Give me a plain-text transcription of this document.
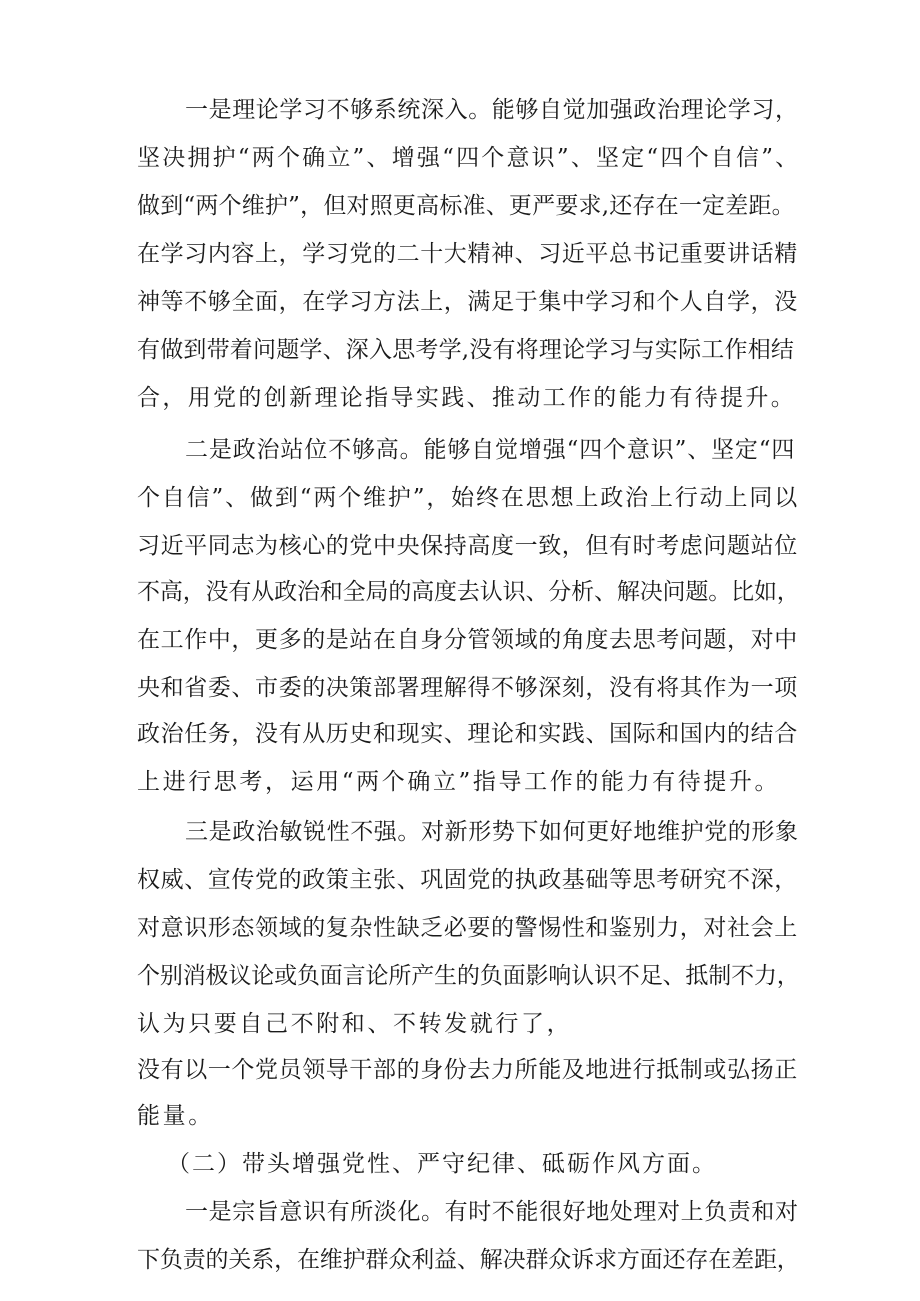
一是理论学习不够系统深入。能够自觉加强政治理论学习，
坚决拥护“两个确立”、增强“四个意识”、坚定“四个自信”、
做到“两个维护”，但对照更高标准、更严要求,还存在一定差距。
在学习内容上，学习党的二十大精神、习近平总书记重要讲话精
神等不够全面，在学习方法上，满足于集中学习和个人自学，没
有做到带着问题学、深入思考学,没有将理论学习与实际工作相结
合，用党的创新理论指导实践、推动工作的能力有待提升。
二是政治站位不够高。能够自觉增强“四个意识”、坚定“四
个自信”、做到“两个维护”，始终在思想上政治上行动上同以
习近平同志为核心的党中央保持高度一致，但有时考虑问题站位
不高，没有从政治和全局的高度去认识、分析、解决问题。比如，
在工作中，更多的是站在自身分管领域的角度去思考问题，对中
央和省委、市委的决策部署理解得不够深刻，没有将其作为一项
政治任务，没有从历史和现实、理论和实践、国际和国内的结合
上进行思考，运用“两个确立”指导工作的能力有待提升。
三是政治敏锐性不强。对新形势下如何更好地维护党的形象
权威、宣传党的政策主张、巩固党的执政基础等思考研究不深，
对意识形态领域的复杂性缺乏必要的警惕性和鉴别力，对社会上
个别消极议论或负面言论所产生的负面影响认识不足、抵制不力，
认为只要自己不附和、不转发就行了，
没有以一个党员领导干部的身份去力所能及地进行抵制或弘扬正
能量。
（二）带头增强党性、严守纪律、砥砺作风方面。
一是宗旨意识有所淡化。有时不能很好地处理对上负责和对
下负责的关系，在维护群众利益、解决群众诉求方面还存在差距，
